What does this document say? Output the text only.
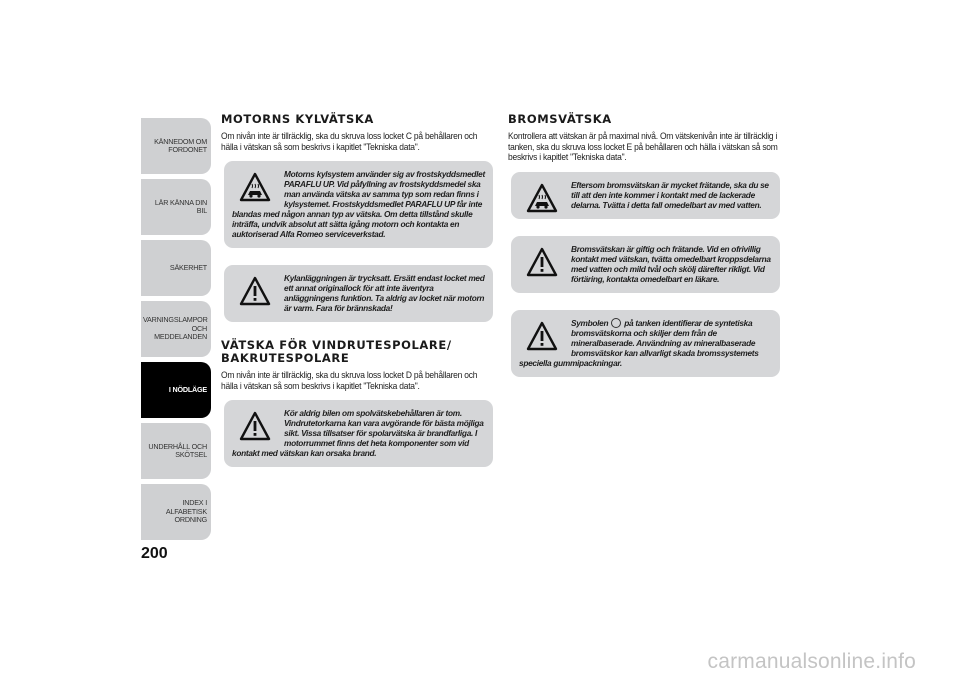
KÄNNEDOM OM FORDONET
LÄR KÄNNA DIN BIL
SÄKERHET
VARNINGSLAMPOR OCH MEDDELANDEN
I NÖDLÄGE
UNDERHÅLL OCH SKÖTSEL
INDEX I ALFABETISK ORDNING
200
MOTORNS KYLVÄTSKA

Om nivån inte är tillräcklig, ska du skruva loss locket C på behållaren och hälla i vätskan så som beskrivs i kapitlet "Tekniska data".

Motorns kylsystem använder sig av frostskyddsmedlet PARAFLU UP. Vid påfyllning av frostskyddsmedel ska man använda vätska av samma typ som redan finns i kylsystemet. Frostskyddsmedlet PARAFLU UP får inte blandas med någon annan typ av vätska. Om detta tillstånd skulle inträffa, undvik absolut att sätta igång motorn och kontakta en auktoriserad Alfa Romeo serviceverkstad.
Kylanläggningen är trycksatt. Ersätt endast locket med ett annat originallock för att inte äventyra anläggningens funktion. Ta aldrig av locket när motorn är varm. Fara för brännskada!
VÄTSKA FÖR VINDRUTESPOLARE/ BAKRUTESPOLARE

Om nivån inte är tillräcklig, ska du skruva loss locket D på behållaren och hälla i vätskan så som beskrivs i kapitlet "Tekniska data".

Kör aldrig bilen om spolvätskebehållaren är tom. Vindrutetorkarna kan vara avgörande för bästa möjliga sikt. Vissa tillsatser för spolarvätska är brandfarliga. I motorrummet finns det heta komponenter som vid kontakt med vätskan kan orsaka brand.
BROMSVÄTSKA

Kontrollera att vätskan är på maximal nivå. Om vätskenivån inte är tillräcklig i tanken, ska du skruva loss locket E på behållaren och hälla i vätskan så som beskrivs i kapitlet "Tekniska data".

Eftersom bromsvätskan är mycket frätande, ska du se till att den inte kommer i kontakt med de lackerade delarna. Tvätta i detta fall omedelbart av med vatten.
Bromsvätskan är giftig och frätande. Vid en ofrivillig kontakt med vätskan, tvätta omedelbart kroppsdelarna med vatten och mild tvål och skölj därefter rikligt. Vid förtäring, kontakta omedelbart en läkare.
Symbolen på tanken identifierar de syntetiska bromsvätskorna och skiljer dem från de mineralbaserade. Användning av mineralbaserade bromsvätskor kan allvarligt skada bromssystemets speciella gummipackningar.
carmanualsonline.info
